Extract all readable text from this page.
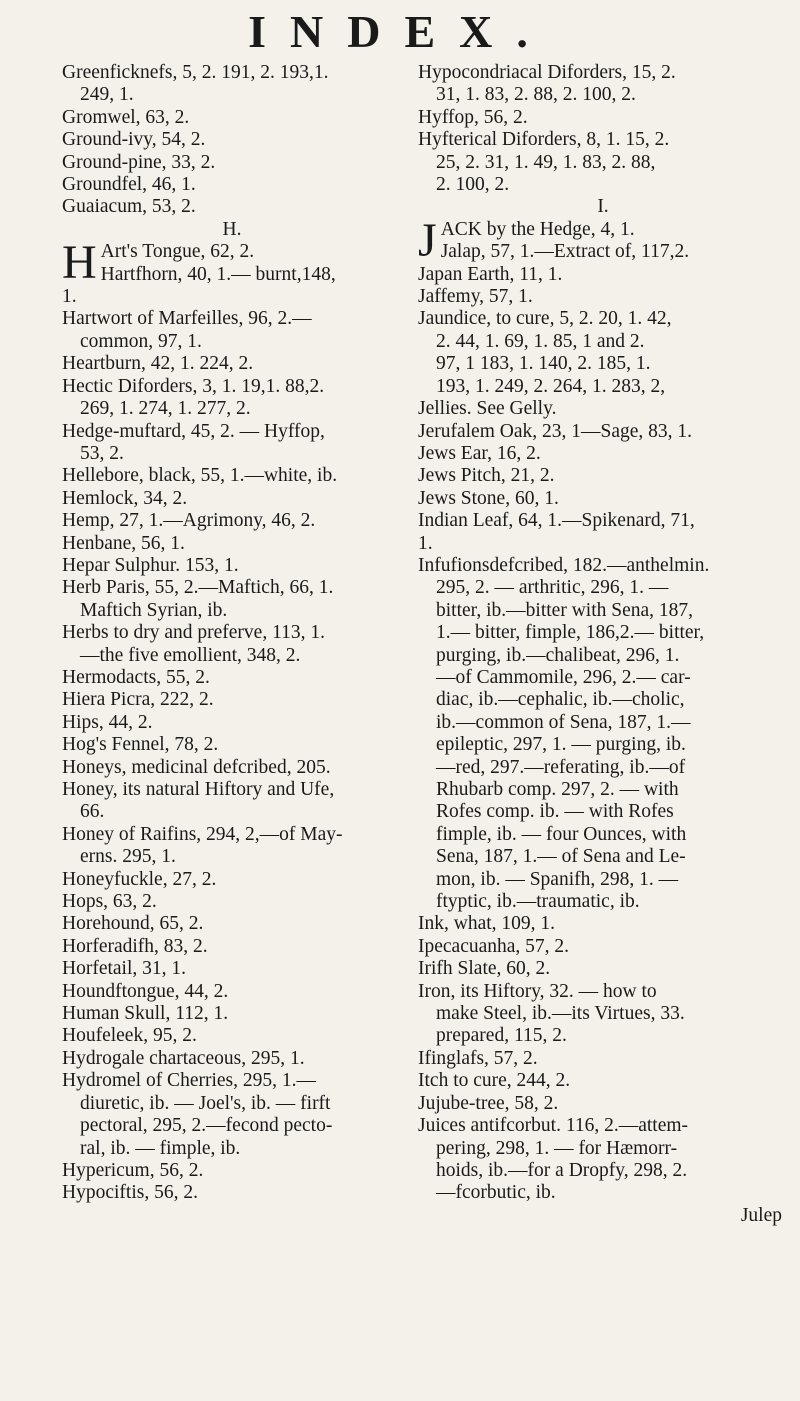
INDEX.
Greenficknefs, 5, 2. 191, 2. 193,1.
249, 1.
Gromwel, 63, 2.
Ground-ivy, 54, 2.
Ground-pine, 33, 2.
Groundfel, 46, 1.
Guaiacum, 53, 2.
H.
H Art's Tongue, 62, 2.
Hartfhorn, 40, 1.— burnt,148,
1.
Hartwort of Marfeilles, 96, 2.—
common, 97, 1.
Heartburn, 42, 1. 224, 2.
Hectic Diforders, 3, 1. 19,1. 88,2.
269, 1. 274, 1. 277, 2.
Hedge-muftard, 45, 2. — Hyffop,
53, 2.
Hellebore, black, 55, 1.—white, ib.
Hemlock, 34, 2.
Hemp, 27, 1.—Agrimony, 46, 2.
Henbane, 56, 1.
Hepar Sulphur. 153, 1.
Herb Paris, 55, 2.—Maftich, 66, 1.
Maftich Syrian, ib.
Herbs to dry and preferve, 113, 1.
—the five emollient, 348, 2.
Hermodacts, 55, 2.
Hiera Picra, 222, 2.
Hips, 44, 2.
Hog's Fennel, 78, 2.
Honeys, medicinal defcribed, 205.
Honey, its natural Hiftory and Ufe,
66.
Honey of Raifins, 294, 2,—of May-
erns. 295, 1.
Honeyfuckle, 27, 2.
Hops, 63, 2.
Horehound, 65, 2.
Horferadifh, 83, 2.
Horfetail, 31, 1.
Houndftongue, 44, 2.
Human Skull, 112, 1.
Houfeleek, 95, 2.
Hydrogale chartaceous, 295, 1.
Hydromel of Cherries, 295, 1.—
diuretic, ib. — Joel's, ib. — firft
pectoral, 295, 2.—fecond pecto-
ral, ib. — fimple, ib.
Hypericum, 56, 2.
Hypociftis, 56, 2.
Hypocondriacal Diforders, 15, 2.
31, 1. 83, 2. 88, 2. 100, 2.
Hyffop, 56, 2.
Hyfterical Diforders, 8, 1. 15, 2.
25, 2. 31, 1. 49, 1. 83, 2. 88,
2. 100, 2.
I.
J ACK by the Hedge, 4, 1.
Jalap, 57, 1.—Extract of, 117,2.
Japan Earth, 11, 1.
Jaffemy, 57, 1.
Jaundice, to cure, 5, 2. 20, 1. 42,
2. 44, 1. 69, 1. 85, 1 and 2.
97, 1 183, 1. 140, 2. 185, 1.
193, 1. 249, 2. 264, 1. 283, 2,
Jellies. See Gelly.
Jerufalem Oak, 23, 1—Sage, 83, 1.
Jews Ear, 16, 2.
Jews Pitch, 21, 2.
Jews Stone, 60, 1.
Indian Leaf, 64, 1.—Spikenard, 71,
1.
Infufionsdefcribed, 182.—anthelmin.
295, 2. — arthritic, 296, 1. —
bitter, ib.—bitter with Sena, 187,
1.— bitter, fimple, 186,2.— bitter,
purging, ib.—chalibeat, 296, 1.
—of Cammomile, 296, 2.— car-
diac, ib.—cephalic, ib.—cholic,
ib.—common of Sena, 187, 1.—
epileptic, 297, 1. — purging, ib.
—red, 297.—referating, ib.—of
Rhubarb comp. 297, 2. — with
Rofes comp. ib. — with Rofes
fimple, ib. — four Ounces, with
Sena, 187, 1.— of Sena and Le-
mon, ib. — Spanifh, 298, 1. —
ftyptic, ib.—traumatic, ib.
Ink, what, 109, 1.
Ipecacuanha, 57, 2.
Irifh Slate, 60, 2.
Iron, its Hiftory, 32. — how to
make Steel, ib.—its Virtues, 33.
prepared, 115, 2.
Ifinglafs, 57, 2.
Itch to cure, 244, 2.
Jujube-tree, 58, 2.
Juices antifcorbut. 116, 2.—attem-
pering, 298, 1. — for Hæmorr-
hoids, ib.—for a Dropfy, 298, 2.
—fcorbutic, ib.
Julep
